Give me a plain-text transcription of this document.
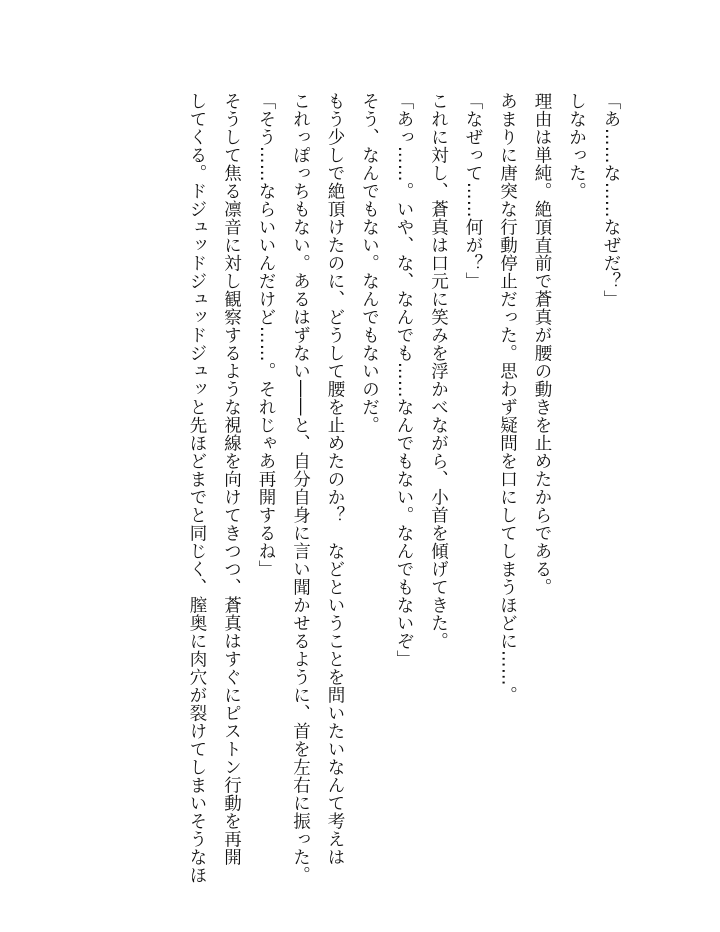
「あ……な……なぜだ？」
しなかった。
理由は単純。絶頂直前で蒼真が腰の動きを止めたからである。
あまりに唐突な行動停止だった。思わず疑問を口にしてしまうほどに……。
「なぜって……何が？」
これに対し、蒼真は口元に笑みを浮かべながら、小首を傾げてきた。
「あっ……。いや、な、なんでも……なんでもない。なんでもないぞ」
そう、なんでもない。なんでもないのだ。
もう少しで絶頂けたのに、どうして腰を止めたのか？　などということを問いたいなんて考えは
これっぽっちもない。あるはずない――と、自分自身に言い聞かせるように、首を左右に振った。
「そう……ならいいんだけど……。それじゃあ再開するね」
そうして焦る凛音に対し観察するような視線を向けてきつつ、蒼真はすぐにピストン行動を再開
してくる。ドジュッドジュッドジュッと先ほどまでと同じく、膣奥に肉穴が裂けてしまいそうなほ
